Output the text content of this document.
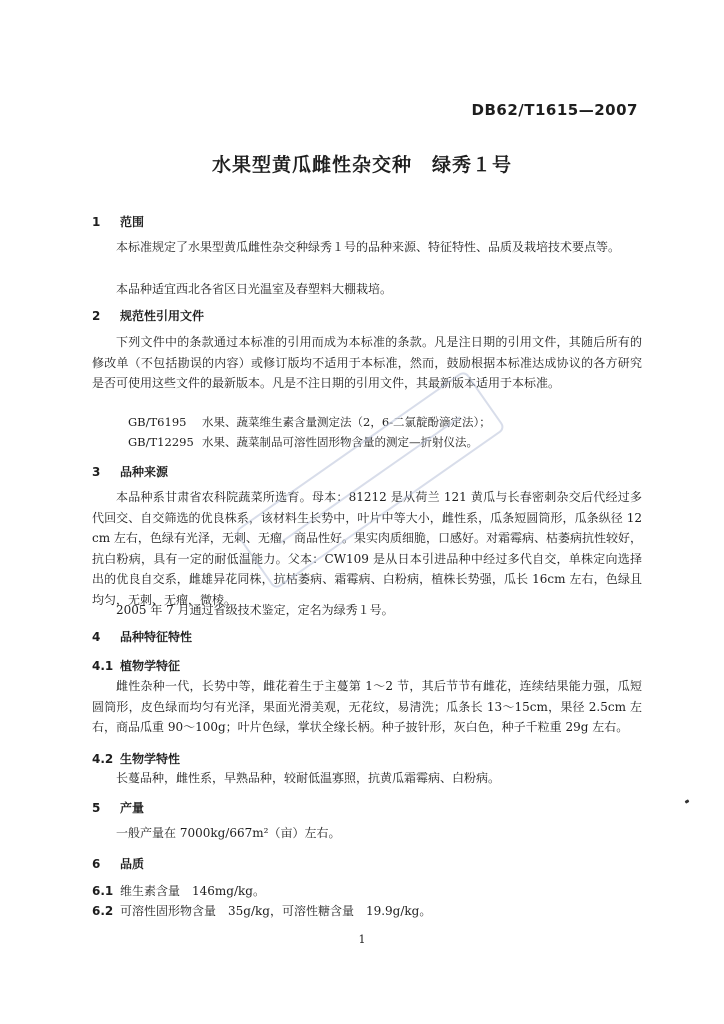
DB62/T1615—2007
水果型黄瓜雌性杂交种　绿秀１号
1 范围
本标准规定了水果型黄瓜雌性杂交种绿秀１号的品种来源、特征特性、品质及栽培技术要点等。
本品种适宜西北各省区日光温室及春塑料大棚栽培。
2 规范性引用文件
下列文件中的条款通过本标准的引用而成为本标准的条款。凡是注日期的引用文件，其随后所有的修改单（不包括勘误的内容）或修订版均不适用于本标准，然而，鼓励根据本标准达成协议的各方研究是否可使用这些文件的最新版本。凡是不注日期的引用文件，其最新版本适用于本标准。
GB/T6195 水果、蔬菜维生素含量测定法（2，6-二氯靛酚滴定法）；
GB/T12295 水果、蔬菜制品可溶性固形物含量的测定—折射仪法。
3 品种来源
本品种系甘肃省农科院蔬菜所选育。母本：81212 是从荷兰 121 黄瓜与长春密刺杂交后代经过多代回交、自交筛选的优良株系，该材料生长势中，叶片中等大小，雌性系，瓜条短圆筒形，瓜条纵径 12cm 左右，色绿有光泽，无刺、无瘤，商品性好。果实肉质细脆，口感好。对霜霉病、枯萎病抗性较好，抗白粉病，具有一定的耐低温能力。父本：CW109 是从日本引进品种中经过多代自交，单株定向选择出的优良自交系，雌雄异花同株，抗枯萎病、霜霉病、白粉病，植株长势强，瓜长 16cm 左右，色绿且均匀，无刺、无瘤，微棱。
2005 年 7 月通过省级技术鉴定，定名为绿秀１号。
4 品种特征特性
4.1 植物学特征
雌性杂种一代，长势中等，雌花着生于主蔓第 1～2 节，其后节节有雌花，连续结果能力强，瓜短圆筒形，皮色绿而均匀有光泽，果面光滑美观，无花纹，易清洗；瓜条长 13～15cm，果径 2.5cm 左右，商品瓜重 90～100g；叶片色绿，掌状全缘长柄。种子披针形，灰白色，种子千粒重 29g 左右。
4.2 生物学特性
长蔓品种，雌性系，早熟品种，较耐低温寡照，抗黄瓜霜霉病、白粉病。
5 产量
一般产量在 7000kg/667m²（亩）左右。
6 品质
6.1 维生素含量　146mg/kg。
6.2 可溶性固形物含量　35g/kg，可溶性糖含量　19.9g/kg。
1
